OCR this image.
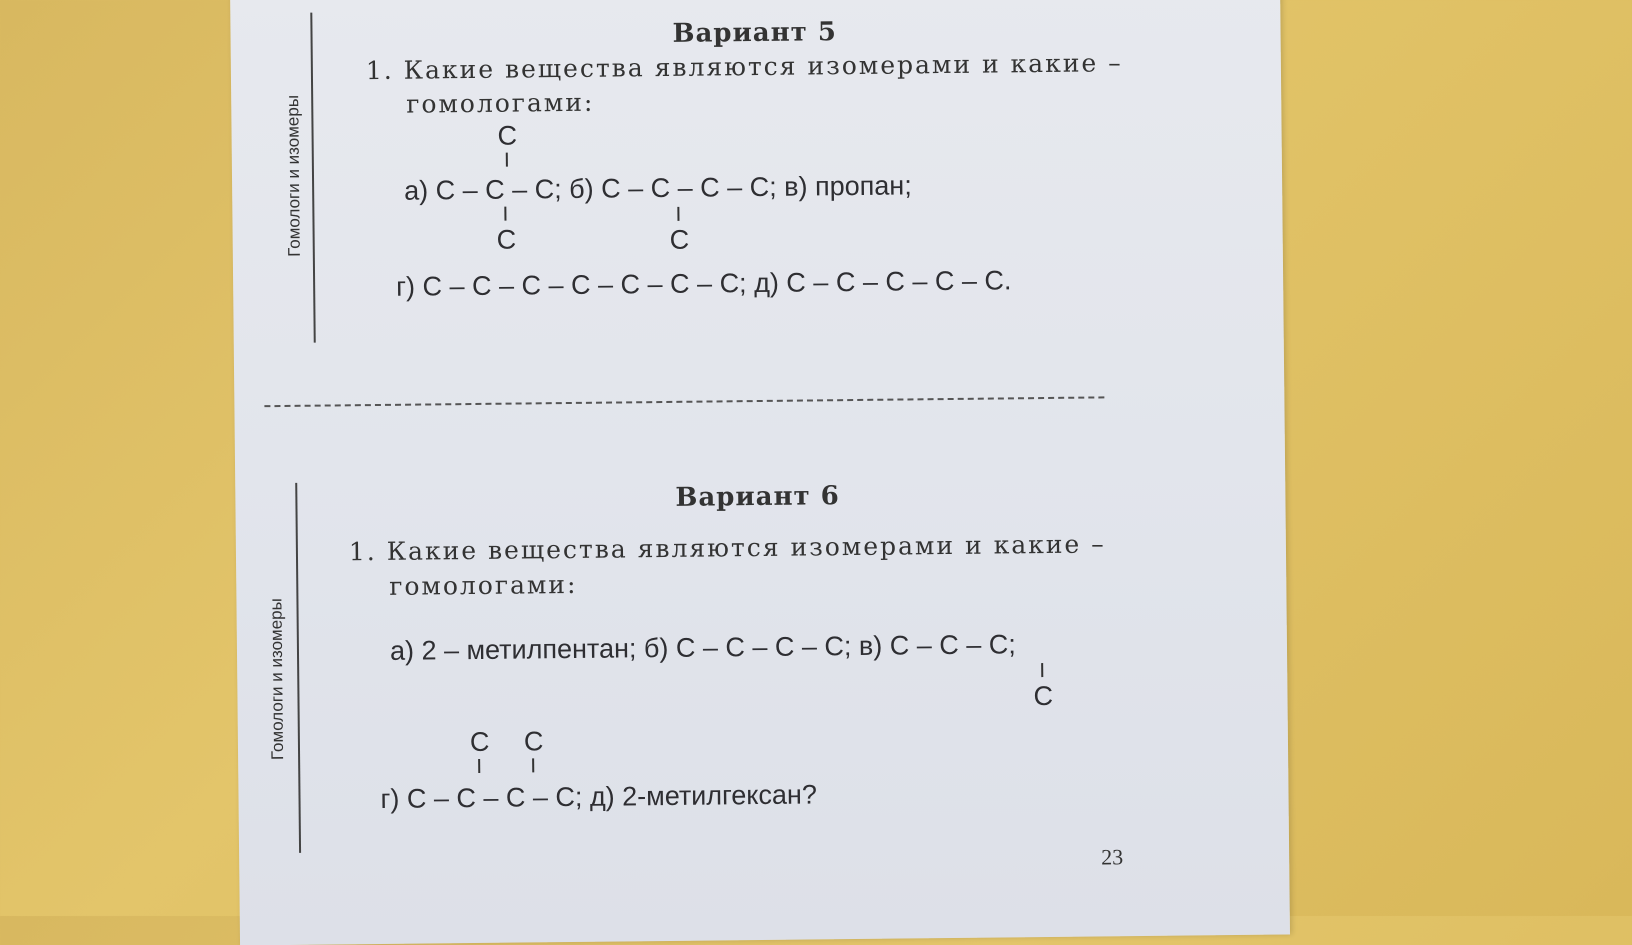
Гомологи и изомеры
Вариант 5
1. Какие вещества являются изомерами и какие –
гомологами:
C
а) C – C – C; б) C – C – C – C; в) пропан;
C	C
г) C – C – C – C – C – C – C; д) C – C – C – C – C.
Гомологи и изомеры
Вариант 6
1. Какие вещества являются изомерами и какие –
гомологами:
а) 2 – метилпентан; б) C – C – C – C; в) C – C – C;
C
C C
г) C – C – C – C; д) 2-метилгексан?
23
